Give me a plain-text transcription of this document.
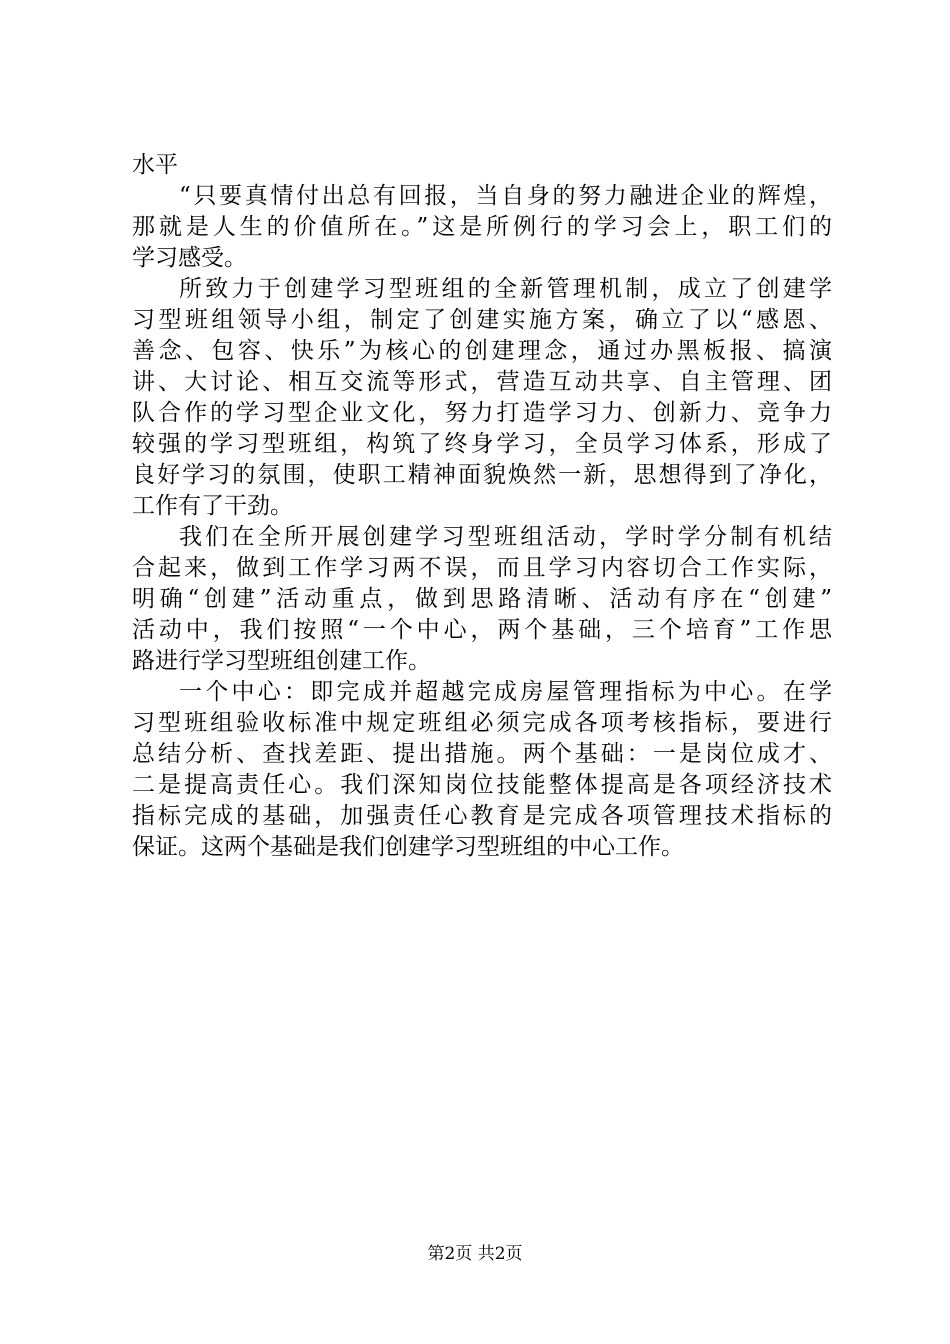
水平
“只要真情付出总有回报，当自身的努力融进企业的辉煌，
那就是人生的价值所在。”这是所例行的学习会上，职工们的
学习感受。
所致力于创建学习型班组的全新管理机制，成立了创建学
习型班组领导小组，制定了创建实施方案，确立了以“感恩、
善念、包容、快乐”为核心的创建理念，通过办黑板报、搞演
讲、大讨论、相互交流等形式，营造互动共享、自主管理、团
队合作的学习型企业文化，努力打造学习力、创新力、竞争力
较强的学习型班组，构筑了终身学习，全员学习体系，形成了
良好学习的氛围，使职工精神面貌焕然一新，思想得到了净化，
工作有了干劲。
我们在全所开展创建学习型班组活动，学时学分制有机结
合起来，做到工作学习两不误，而且学习内容切合工作实际，
明确“创建”活动重点，做到思路清晰、活动有序在“创建”
活动中，我们按照“一个中心，两个基础，三个培育”工作思
路进行学习型班组创建工作。
一个中心：即完成并超越完成房屋管理指标为中心。在学
习型班组验收标准中规定班组必须完成各项考核指标，要进行
总结分析、查找差距、提出措施。两个基础：一是岗位成才、
二是提高责任心。我们深知岗位技能整体提高是各项经济技术
指标完成的基础，加强责任心教育是完成各项管理技术指标的
保证。这两个基础是我们创建学习型班组的中心工作。
第2页 共2页
